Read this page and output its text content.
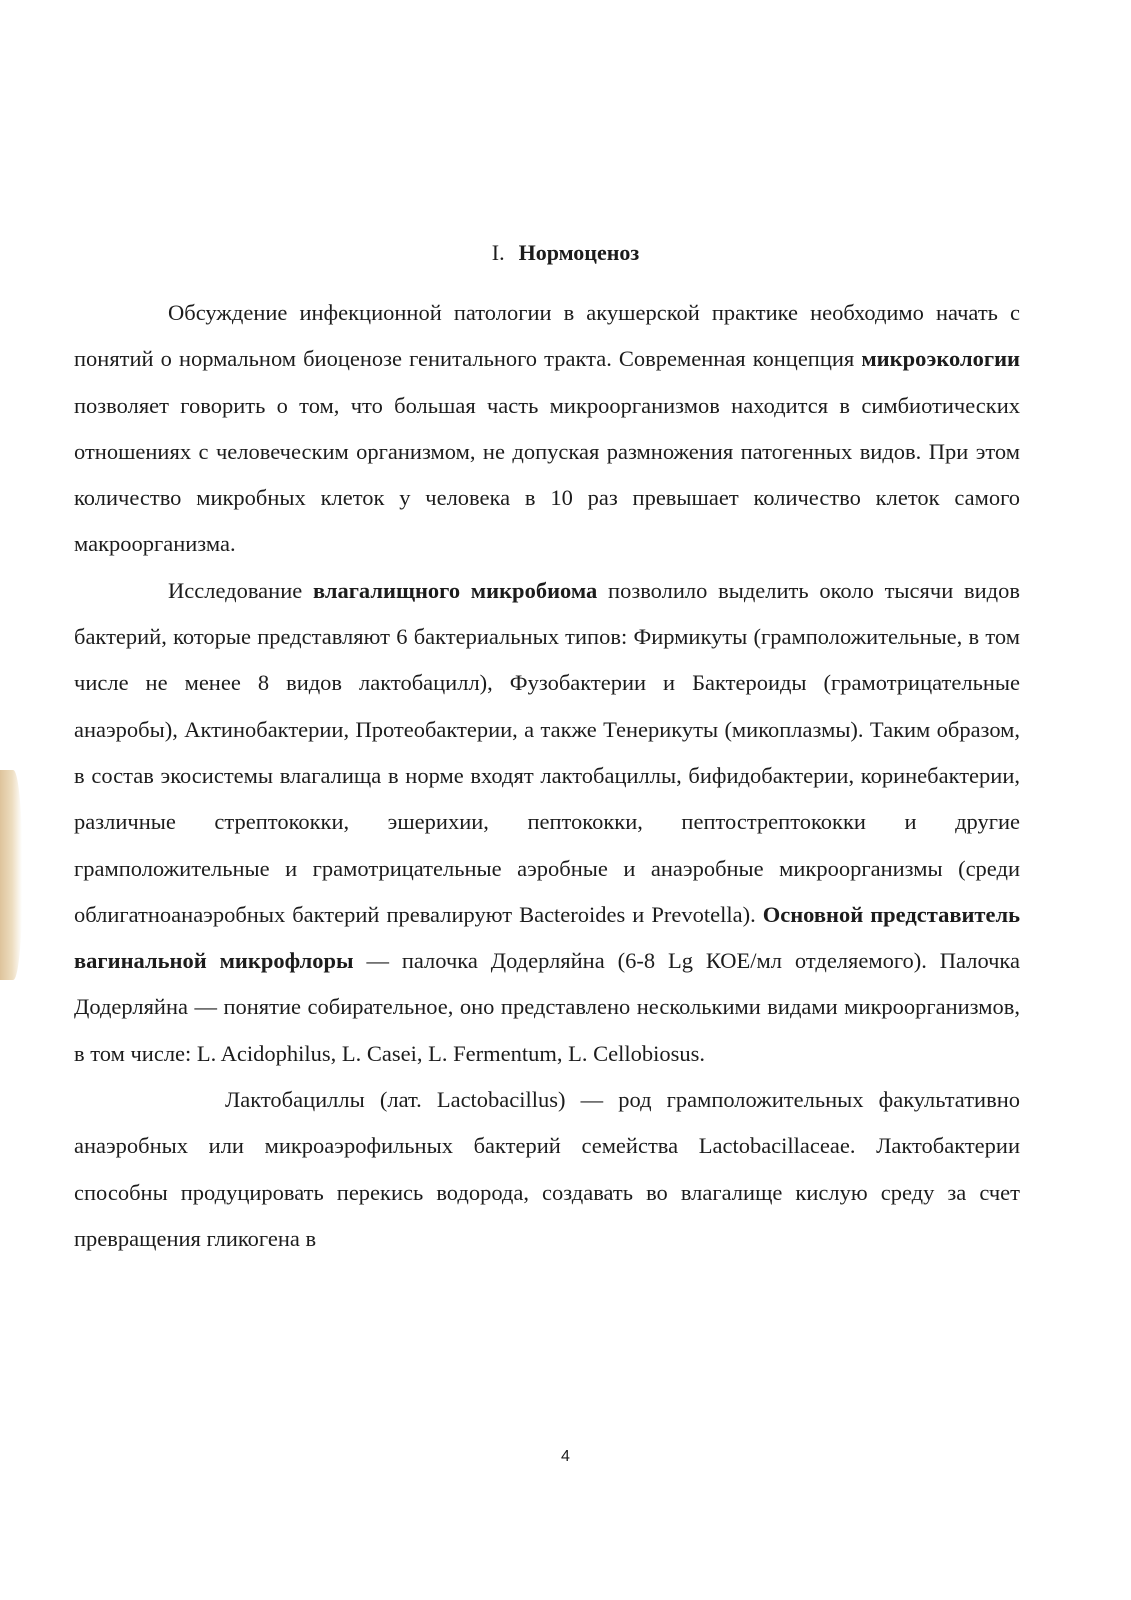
I. Нормоценоз

Обсуждение инфекционной патологии в акушерской практике необходимо начать с понятий о нормальном биоценозе генитального тракта. Современная концепция микроэкологии позволяет говорить о том, что большая часть микроорганизмов находится в симбиотических отношениях с человеческим организмом, не допуская размножения патогенных видов. При этом количество микробных клеток у человека в 10 раз превышает количество клеток самого макроорганизма.

Исследование влагалищного микробиома позволило выделить около тысячи видов бактерий, которые представляют 6 бактериальных типов: Фирмикуты (грамположительные, в том числе не менее 8 видов лактобацилл), Фузобактерии и Бактероиды (грамотрицательные анаэробы), Актинобактерии, Протеобактерии, а также Тенерикуты (микоплазмы). Таким образом, в состав экосистемы влагалища в норме входят лактобациллы, бифидобактерии, коринебактерии, различные стрептококки, эшерихии, пептококки, пептострептококки и другие грамположительные и грамотрицательные аэробные и анаэробные микроорганизмы (среди облигатноанаэробных бактерий превалируют Bacteroides и Prevotella). Основной представитель вагинальной микрофлоры — палочка Додерляйна (6-8 Lg КОЕ/мл отделяемого). Палочка Додерляйна — понятие собирательное, оно представлено несколькими видами микроорганизмов, в том числе: L. Acidophilus, L. Casei, L. Fermentum, L. Cellobiosus.

Лактобациллы (лат. Lactobacillus) — род грамположительных факультативно анаэробных или микроаэрофильных бактерий семейства Lactobacillaceae. Лактобактерии способны продуцировать перекись водорода, создавать во влагалище кислую среду за счет превращения гликогена в

4
